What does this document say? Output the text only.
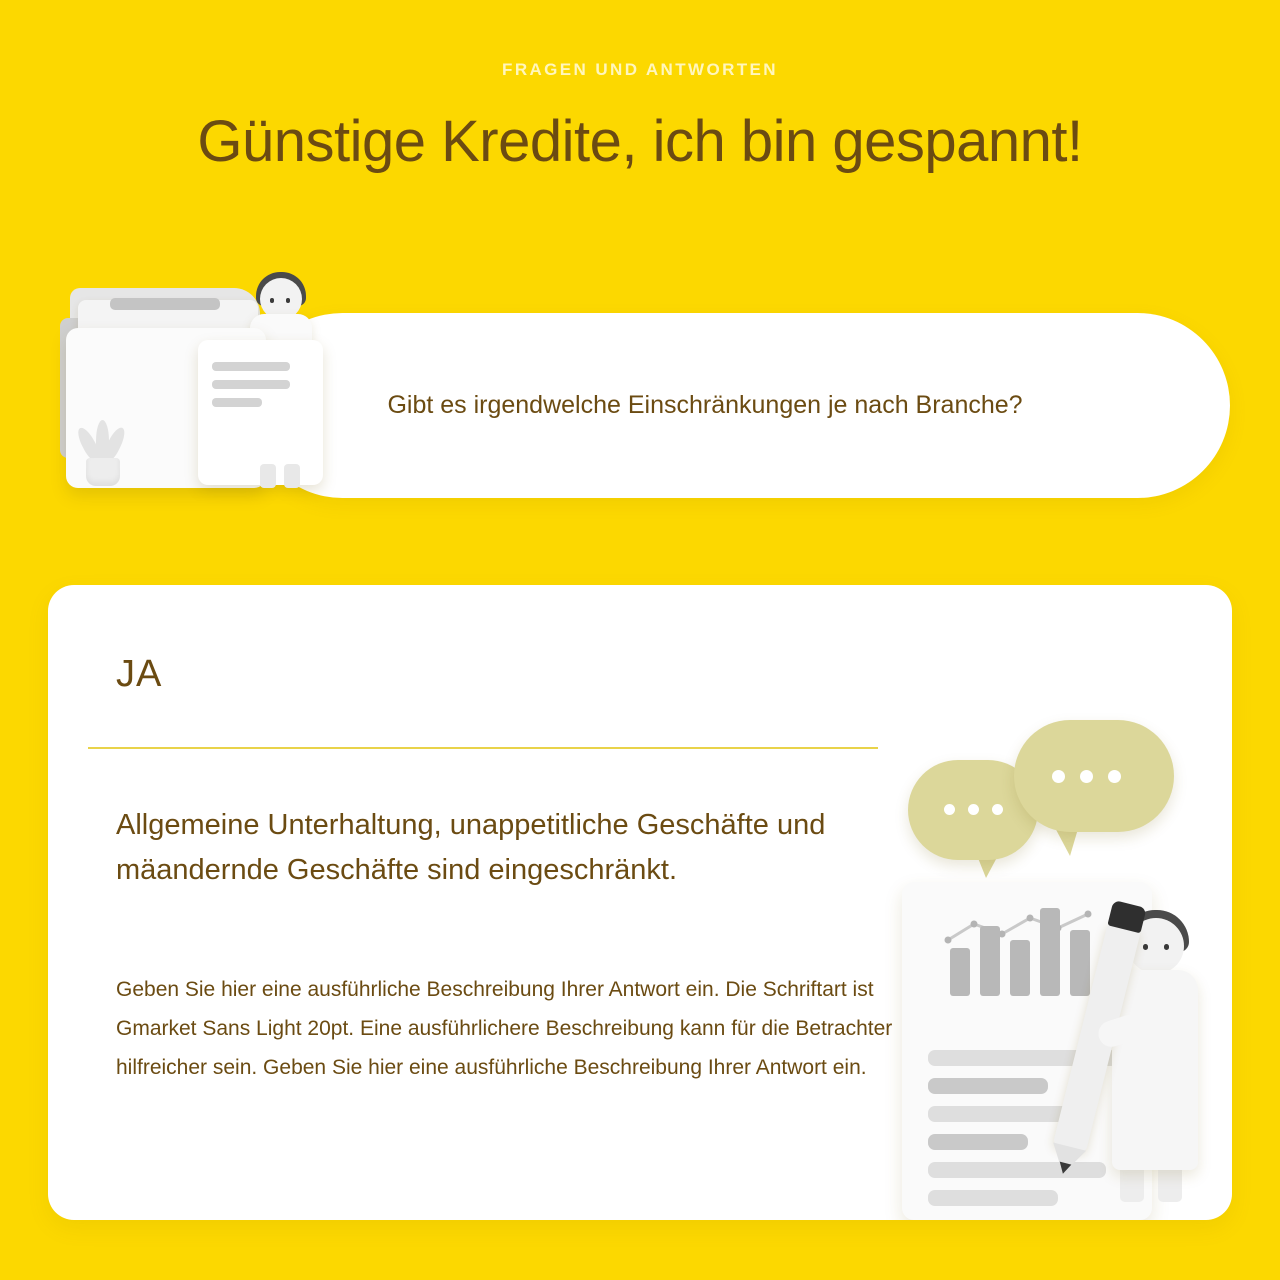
FRAGEN UND ANTWORTEN
Günstige Kredite, ich bin gespannt!
Gibt es irgendwelche Einschränkungen je nach Branche?
JA
Allgemeine Unterhaltung, unappetitliche Geschäfte und mäandernde Geschäfte sind eingeschränkt.
Geben Sie hier eine ausführliche Beschreibung Ihrer Antwort ein. Die Schriftart ist Gmarket Sans Light 20pt. Eine ausführlichere Beschreibung kann für die Betrachter hilfreicher sein. Geben Sie hier eine ausführliche Beschreibung Ihrer Antwort ein.
